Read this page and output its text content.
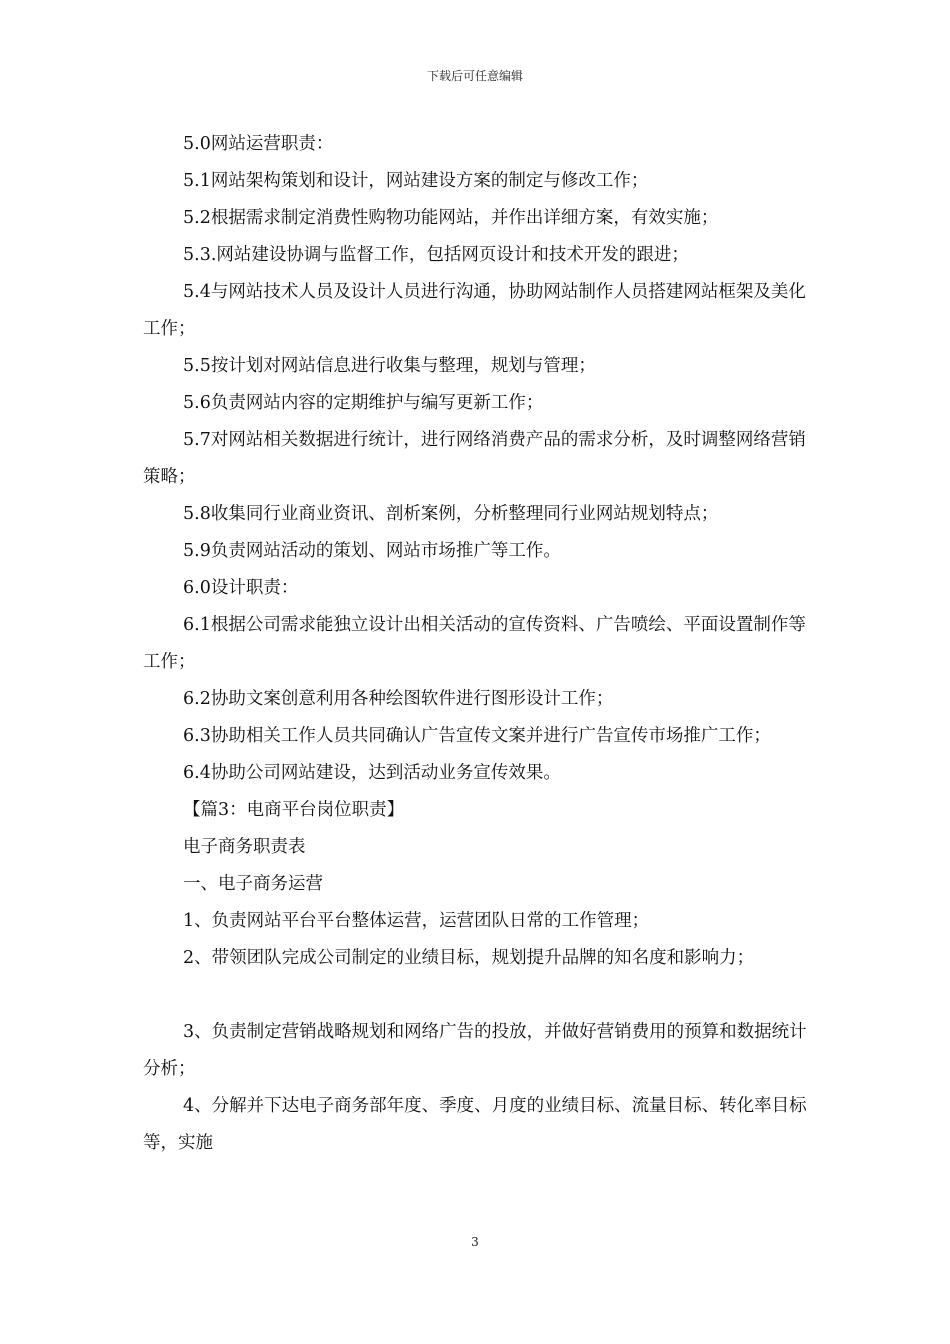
下载后可任意编辑

5.0网站运营职责：

5.1网站架构策划和设计，网站建设方案的制定与修改工作；

5.2根据需求制定消费性购物功能网站，并作出详细方案，有效实施；

5.3.网站建设协调与监督工作，包括网页设计和技术开发的跟进；

5.4与网站技术人员及设计人员进行沟通，协助网站制作人员搭建网站框架及美化工作；

5.5按计划对网站信息进行收集与整理，规划与管理；

5.6负责网站内容的定期维护与编写更新工作；

5.7对网站相关数据进行统计，进行网络消费产品的需求分析，及时调整网络营销策略；

5.8收集同行业商业资讯、剖析案例，分析整理同行业网站规划特点；

5.9负责网站活动的策划、网站市场推广等工作。

6.0设计职责：

6.1根据公司需求能独立设计出相关活动的宣传资料、广告喷绘、平面设置制作等工作；

6.2协助文案创意利用各种绘图软件进行图形设计工作；

6.3协助相关工作人员共同确认广告宣传文案并进行广告宣传市场推广工作；

6.4协助公司网站建设，达到活动业务宣传效果。

【篇3：电商平台岗位职责】

电子商务职责表

一、电子商务运营

1、负责网站平台平台整体运营，运营团队日常的工作管理；

2、带领团队完成公司制定的业绩目标，规划提升品牌的知名度和影响力；

3、负责制定营销战略规划和网络广告的投放，并做好营销费用的预算和数据统计分析；

4、分解并下达电子商务部年度、季度、月度的业绩目标、流量目标、转化率目标等，实施

3
